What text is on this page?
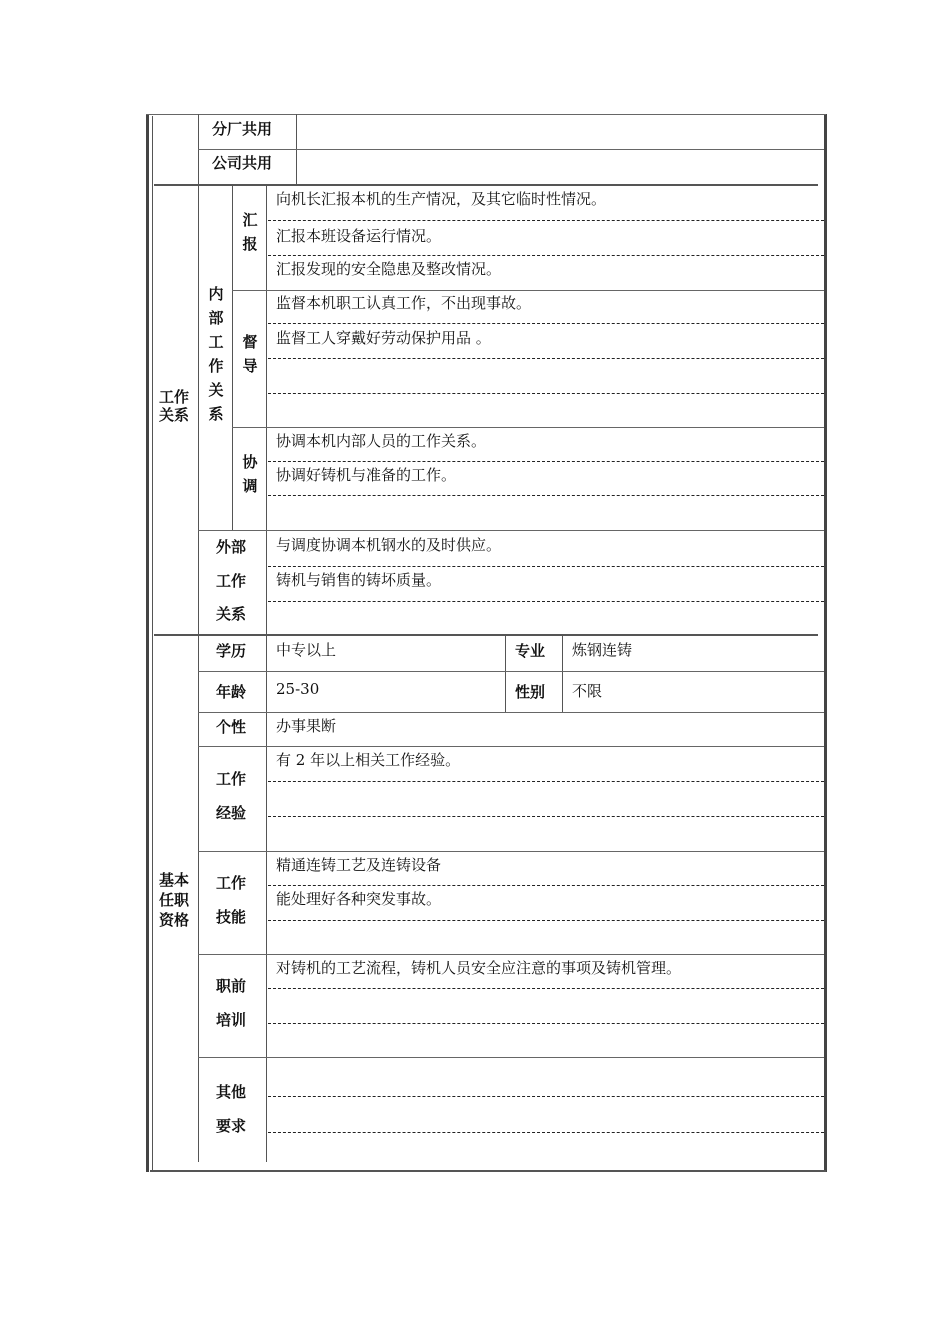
分厂共用
公司共用
工作关系
内部工作关系
汇报
向机长汇报本机的生产情况，及其它临时性情况。
汇报本班设备运行情况。
汇报发现的安全隐患及整改情况。
督导
监督本机职工认真工作，不出现事故。
监督工人穿戴好劳动保护用品 。
协调
协调本机内部人员的工作关系。
协调好铸机与准备的工作。
外部
工作
关系
与调度协调本机钢水的及时供应。
铸机与销售的铸坏质量。
基本任职资格
学历 中专以上	专业 炼钢连铸
年龄 25-30	性别 不限
个性 办事果断
工作
经验
有 2 年以上相关工作经验。
工作
技能
精通连铸工艺及连铸设备
能处理好各种突发事故。
职前
培训
对铸机的工艺流程，铸机人员安全应注意的事项及铸机管理。
其他
要求
